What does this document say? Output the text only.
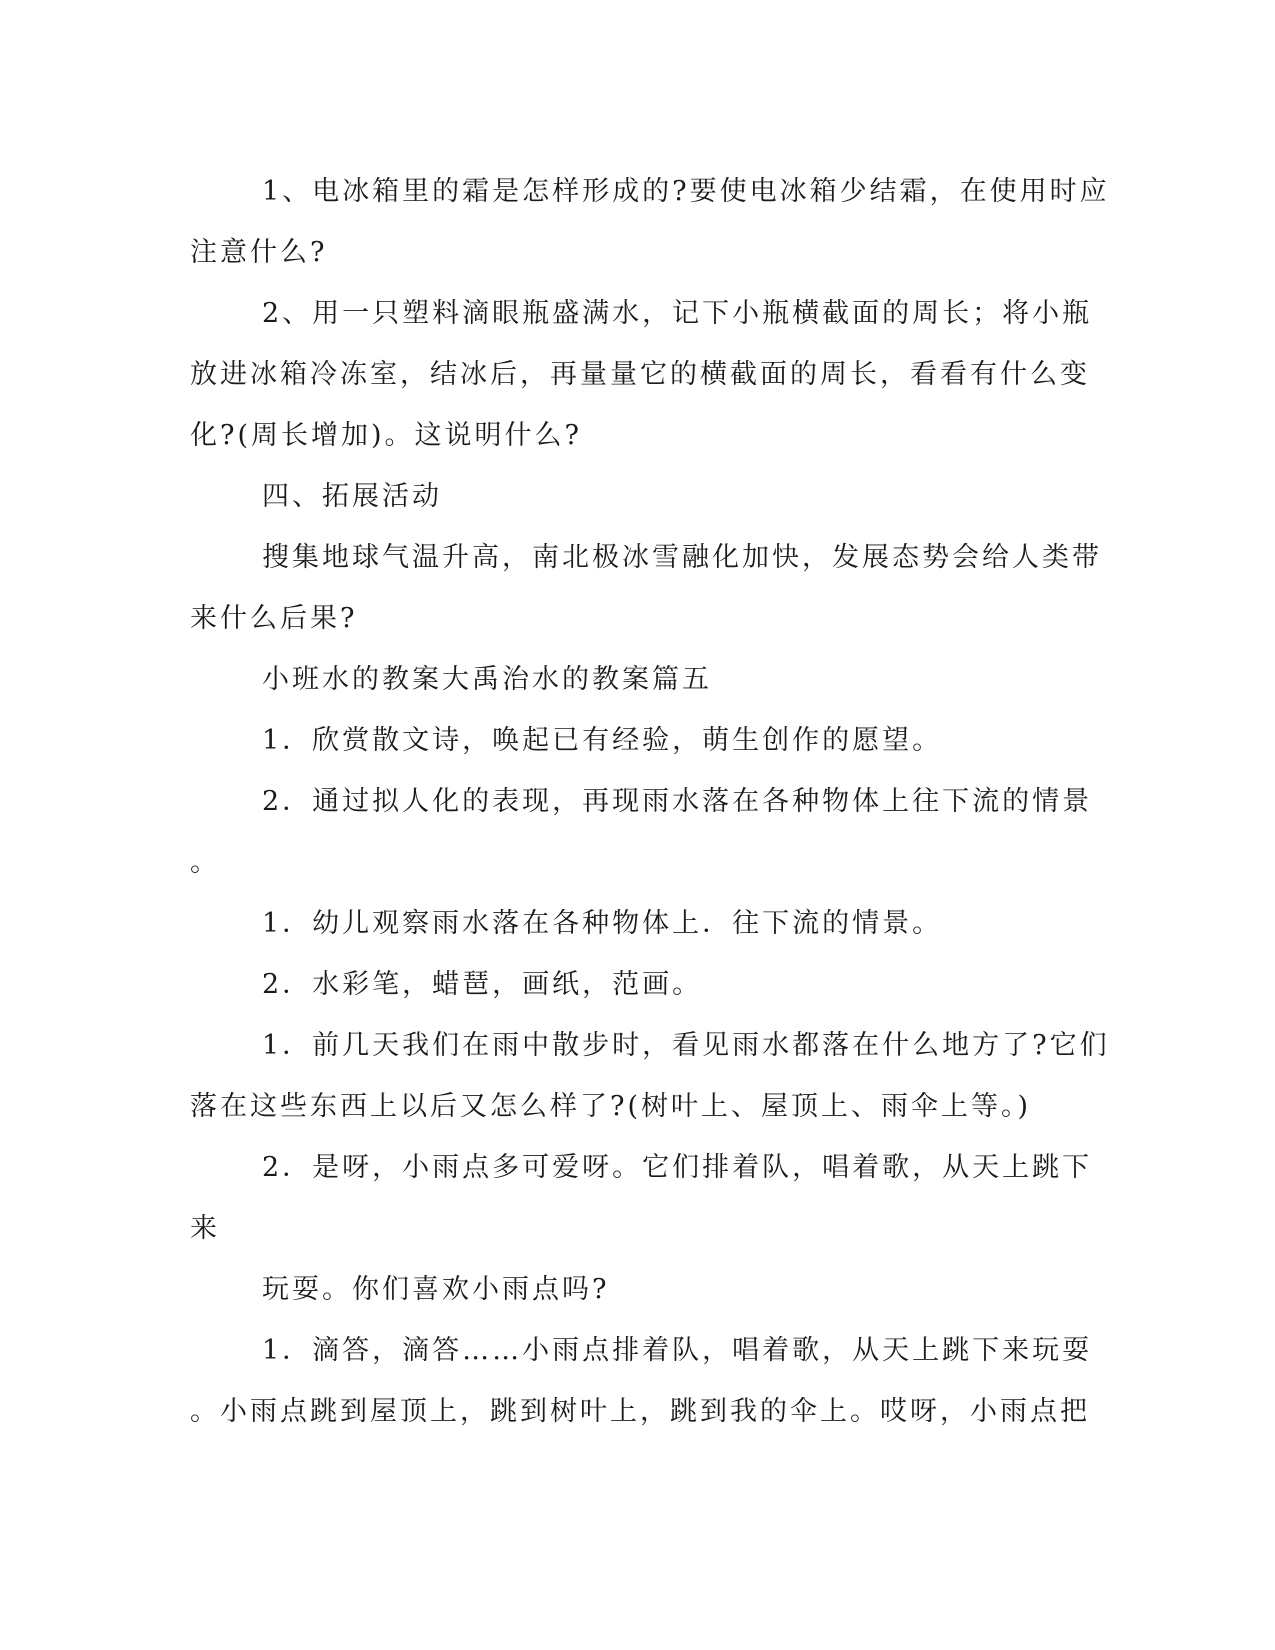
1、电冰箱里的霜是怎样形成的?要使电冰箱少结霜，在使用时应
注意什么?
2、用一只塑料滴眼瓶盛满水，记下小瓶横截面的周长；将小瓶
放进冰箱冷冻室，结冰后，再量量它的横截面的周长，看看有什么变
化?(周长增加)。这说明什么?
四、拓展活动
搜集地球气温升高，南北极冰雪融化加快，发展态势会给人类带
来什么后果?
小班水的教案大禹治水的教案篇五
1．欣赏散文诗，唤起已有经验，萌生创作的愿望。
2．通过拟人化的表现，再现雨水落在各种物体上往下流的情景
。
1．幼儿观察雨水落在各种物体上．往下流的情景。
2．水彩笔，蜡琶，画纸，范画。
1．前几天我们在雨中散步时，看见雨水都落在什么地方了?它们
落在这些东西上以后又怎么样了?(树叶上、屋顶上、雨伞上等。)
2．是呀，小雨点多可爱呀。它们排着队，唱着歌，从天上跳下
来
玩耍。你们喜欢小雨点吗?
1．滴答，滴答……小雨点排着队，唱着歌，从天上跳下来玩耍
。小雨点跳到屋顶上，跳到树叶上，跳到我的伞上。哎呀，小雨点把
